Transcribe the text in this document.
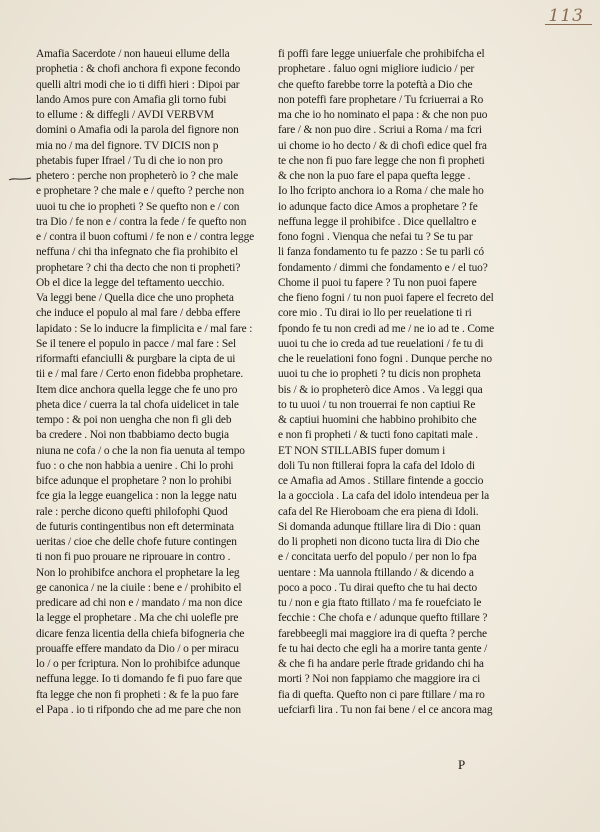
113
Amafia Sacerdote / non haueui ellume della
prophetia : & chofi anchora fi expone fecondo
quelli altri modi che io ti diffi hieri : Dipoi par
lando Amos pure con Amafia gli torno fubi
to ellume : & diffegli / AVDI VERBVM
domini o Amafia odi la parola del fignore non
mia no / ma del fignore. TV DICIS non p
phetabis fuper Ifrael / Tu di che io non pro
phetero : perche non propheterò io ? che male
e prophetare ? che male e / quefto ? perche non
uuoi tu che io propheti ? Se quefto non e / con
tra Dio / fe non e / contra la fede / fe quefto non
e / contra il buon coftumi / fe non e / contra legge
neffuna / chi tha infegnato che fia prohibito el
prophetare ? chi tha decto che non ti propheti?
Ob el dice la legge del teftamento uecchio.
Va leggi bene / Quella dice che uno propheta
che induce el populo al mal fare / debba effere
lapidato : Se lo inducre la fimplicita e / mal fare :
Se il tenere el populo in pacce / mal fare : Sel
riformafti efanciulli & purgbare la cipta de ui
tii e / mal fare / Certo enon fidebba prophetare.
Item dice anchora quella legge che fe uno pro
pheta dice / cuerra la tal chofa uidelicet in tale
tempo : & poi non uengha che non fi gli deb
ba credere . Noi non tbabbiamo decto bugia
niuna ne cofa / o che la non fia uenuta al tempo
fuo : o che non habbia a uenire . Chi lo prohi
bifce adunque el prophetare ? non lo prohibi
fce gia la legge euangelica : non la legge natu
rale : perche dicono quefti philofophi Quod
de futuris contingentibus non eft determinata
ueritas / cioe che delle chofe future contingen
ti non fi puo prouare ne riprouare in contro .
Non lo prohibifce anchora el prophetare la leg
ge canonica / ne la ciuile : bene e / prohibito el
predicare ad chi non e / mandato / ma non dice
la legge el prophetare . Ma che chi uolefle pre
dicare fenza licentia della chiefa bifogneria che
prouaffe effere mandato da Dio / o per miracu
lo / o per fcriptura. Non lo prohibifce adunque
neffuna legge. Io ti domando fe fi puo fare que
fta legge che non fi propheti : & fe la puo fare
el Papa . io ti rifpondo che ad me pare che non
fi poffi fare legge uniuerfale che prohibifcha el
prophetare . faluo ogni migliore iudicio / per
che quefto farebbe torre la poteftà a Dio che
non poteffi fare prophetare / Tu fcriuerrai a Ro
ma che io ho nominato el papa : & che non puo
fare / & non puo dire . Scriui a Roma / ma fcri
ui chome io ho decto / & di chofi edice quel fra
te che non fi puo fare legge che non fi propheti
& che non la puo fare el papa quefta legge .
Io lho fcripto anchora io a Roma / che male ho
io adunque facto dice Amos a prophetare ? fe
neffuna legge il prohibifce . Dice quellaltro e
fono fogni . Vienqua che nefai tu ? Se tu par
li fanza fondamento tu fe pazzo : Se tu parli có
fondamento / dimmi che fondamento e / el tuo?
Chome il puoi tu fapere ? Tu non puoi fapere
che fieno fogni / tu non puoi fapere el fecreto del
core mio . Tu dirai io llo per reuelatione ti ri
fpondo fe tu non credi ad me / ne io ad te . Come
uuoi tu che io creda ad tue reuelationi / fe tu di
che le reuelationi fono fogni . Dunque perche no
uuoi tu che io propheti ? tu dicis non propheta
bis / & io propheterò dice Amos . Va leggi qua
to tu uuoi / tu non trouerrai fe non captiui Re
& captiui huomini che habbino prohibito che
e non fi propheti / & tucti fono capitati male .
ET NON STILLABIS fuper domum i
doli Tu non ftillerai fopra la cafa del Idolo di
ce Amafia ad Amos . Stillare fintende a goccio
la a gocciola . La cafa del idolo intendeua per la
cafa del Re Hieroboam che era piena di Idoli.
Si domanda adunque ftillare lira di Dio : quan
do li propheti non dicono tucta lira di Dio che
e / concitata uerfo del populo / per non lo fpa
uentare : Ma uannola ftillando / & dicendo a
poco a poco . Tu dirai quefto che tu hai decto
tu / non e gia ftato ftillato / ma fe rouefciato le
fecchie : Che chofa e / adunque quefto ftillare ?
farebbeegli mai maggiore ira di quefta ? perche
fe tu hai decto che egli ha a morire tanta gente /
& che fi ha andare perle ftrade gridando chi ha
morti ? Noi non fappiamo che maggiore ira ci
fia di quefta. Quefto non ci pare ftillare / ma ro
uefciarfi lira . Tu non fai bene / el ce ancora mag
P
